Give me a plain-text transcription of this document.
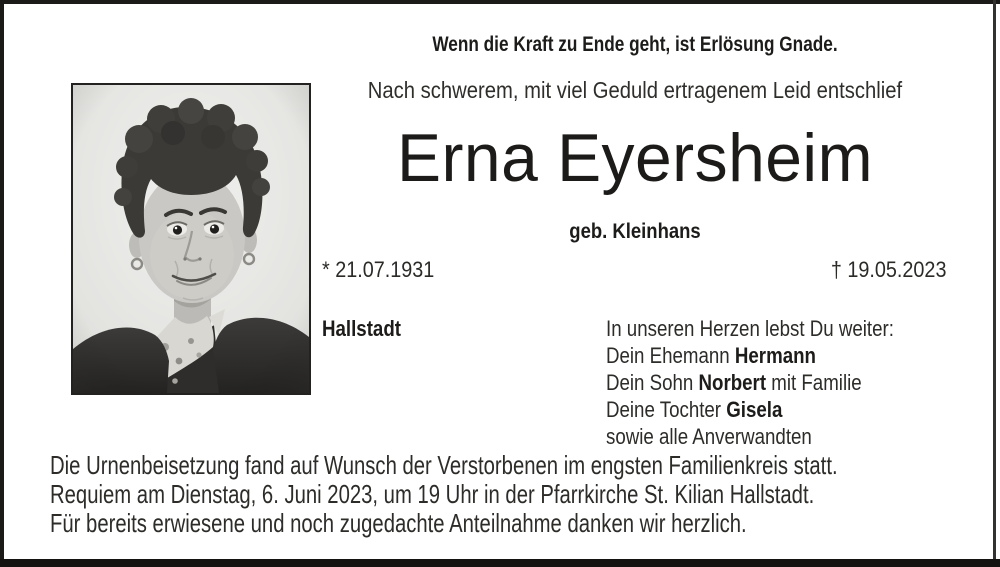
Wenn die Kraft zu Ende geht, ist Erlösung Gnade.
Nach schwerem, mit viel Geduld ertragenem Leid entschlief
Erna Eyersheim
geb. Kleinhans
* 21.07.1931	† 19.05.2023
Hallstadt	In unseren Herzen lebst Du weiter:
Dein Ehemann Hermann
Dein Sohn Norbert mit Familie
Deine Tochter Gisela
sowie alle Anverwandten
Die Urnenbeisetzung fand auf Wunsch der Verstorbenen im engsten Familienkreis statt.
Requiem am Dienstag, 6. Juni 2023, um 19 Uhr in der Pfarrkirche St. Kilian Hallstadt.
Für bereits erwiesene und noch zugedachte Anteilnahme danken wir herzlich.
